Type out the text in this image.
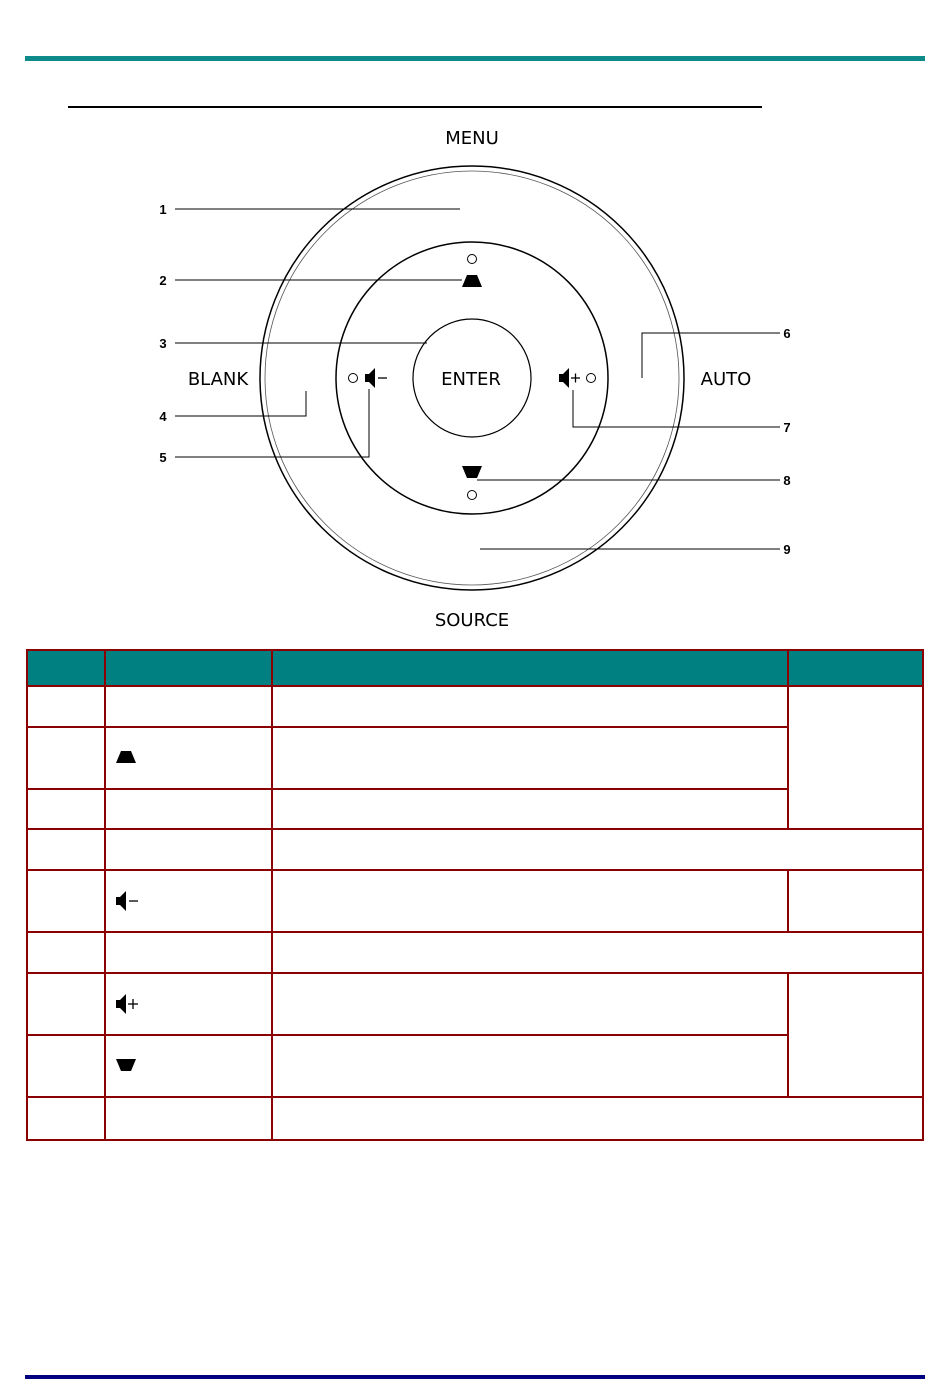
MENU
SOURCE
BLANK	AUTO
ENTER
1
2
3
4
5
6
7
8
9
